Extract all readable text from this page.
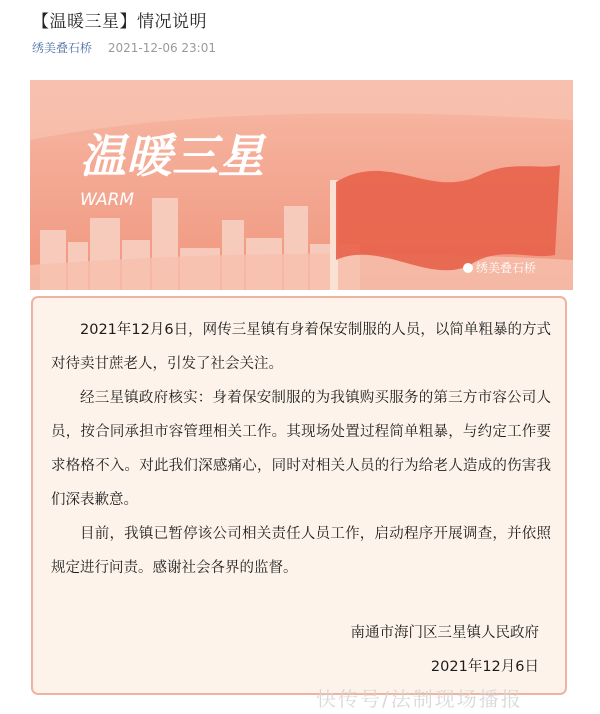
【温暖三星】情况说明
绣美叠石桥 2021-12-06 23:01
温暖三星
WARM
绣美叠石桥

2021年12月6日，网传三星镇有身着保安制服的人员，以简单粗暴的方式对待卖甘蔗老人，引发了社会关注。

经三星镇政府核实：身着保安制服的为我镇购买服务的第三方市容公司人员，按合同承担市容管理相关工作。其现场处置过程简单粗暴，与约定工作要求格格不入。对此我们深感痛心，同时对相关人员的行为给老人造成的伤害我们深表歉意。

目前，我镇已暂停该公司相关责任人员工作，启动程序开展调查，并依照规定进行问责。感谢社会各界的监督。

南通市海门区三星镇人民政府
2021年12月6日
快传号/法制现场播报
